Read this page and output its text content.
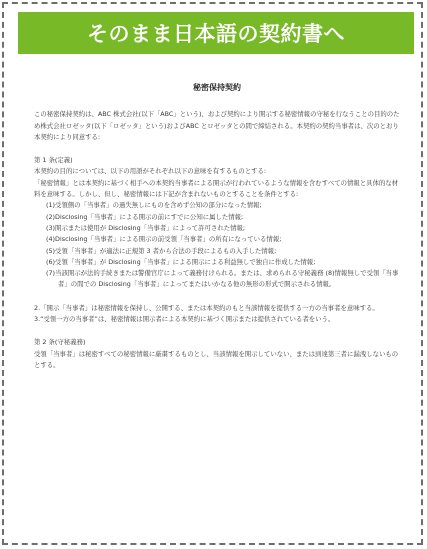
そのまま日本語の契約書へ
秘密保持契約

この秘密保持契約は、ABC 株式会社(以下「ABC」という)、および契約により開示する秘密情報の守秘を行なうことの目的のため株式会社ロゼッタ(以下「ロゼッタ」という)およびABC とロゼッタとの間で締結される。本契約の契約当事者は、次のとおり本契約により同意する:

第 1 条(定義)

本契約の目的については、以下の用語がそれぞれ以下の意味を有するものとする:

「秘密情報」とは本契約に基づく相手への本契約当事者による開示が行われているような情報を含むすべての情報と具体的な材料を意味する。しかし、但し、秘密情報には下記が含まれないものとすることを条件とする:

(1)受領側の「当事者」の過失無しにものを含めず公知の部分になった情報;

(2)Disclosing「当事者」による開示の前にすでに公知に属した情報;

(3)開示または使用が Disclosing「当事者」によって許可された情報;

(4)Disclosing「当事者」による開示の前受領「当事者」の所有になっている情報;

(5)受領「当事者」が適法に正規第 3 者から合法の手段によるもの入手した情報;

(6)受領「当事者」が Disclosing「当事者」による開示による利益無しで独自に作成した情報;

(7)当該開示が法的手続きまたは警備官庁によって義務付けられる。または、求められる守秘義務 (8)情報無しで受領「当事者」の間での Disclosing「当事者」によってまたはいかなる他の無形の形式で開示される情報。

2.「開示「当事者」は秘密情報を保持し、公開する、または本契約のもと当該情報を提供する一方の当事者を意味する。

3.“受領一方の当事者”は、秘密情報は開示者による本契約に基づく開示または提供されている者をいう。

第 2 条(守秘義務)

受領「当事者」は秘密すべての秘密情報に厳粛するものとし、当該情報を開示していない、または到達第三者に漏洩しないものとする。
